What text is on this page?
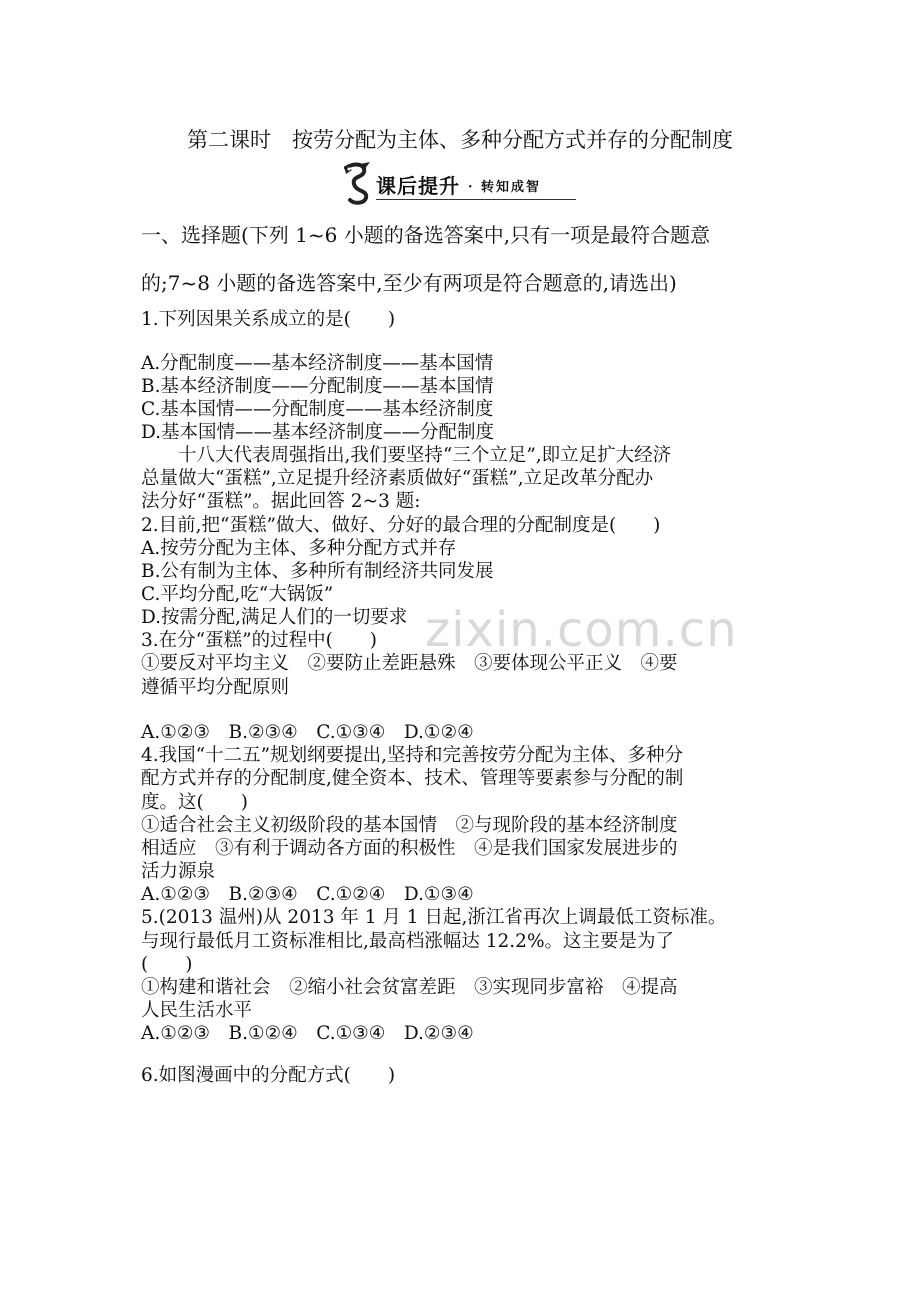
第二课时　按劳分配为主体、多种分配方式并存的分配制度
课后提升 · 转知成智
zixin.com.cn
一、选择题(下列 1~6 小题的备选答案中,只有一项是最符合题意
的;7~8 小题的备选答案中,至少有两项是符合题意的,请选出)
1.下列因果关系成立的是(　　)
A.分配制度——基本经济制度——基本国情
B.基本经济制度——分配制度——基本国情
C.基本国情——分配制度——基本经济制度
D.基本国情——基本经济制度——分配制度
　　十八大代表周强指出,我们要坚持“三个立足”,即立足扩大经济
总量做大“蛋糕”,立足提升经济素质做好“蛋糕”,立足改革分配办
法分好“蛋糕”。据此回答 2~3 题:
2.目前,把“蛋糕”做大、做好、分好的最合理的分配制度是(　　)
A.按劳分配为主体、多种分配方式并存
B.公有制为主体、多种所有制经济共同发展
C.平均分配,吃“大锅饭”
D.按需分配,满足人们的一切要求
3.在分“蛋糕”的过程中(　　)
①要反对平均主义　②要防止差距悬殊　③要体现公平正义　④要
遵循平均分配原则
A.①②③　B.②③④　C.①③④　D.①②④
4.我国“十二五”规划纲要提出,坚持和完善按劳分配为主体、多种分
配方式并存的分配制度,健全资本、技术、管理等要素参与分配的制
度。这(　　)
①适合社会主义初级阶段的基本国情　②与现阶段的基本经济制度
相适应　③有利于调动各方面的积极性　④是我们国家发展进步的
活力源泉
A.①②③　B.②③④　C.①②④　D.①③④
5.(2013 温州)从 2013 年 1 月 1 日起,浙江省再次上调最低工资标准。
与现行最低月工资标准相比,最高档涨幅达 12.2%。这主要是为了
(　　)
①构建和谐社会　②缩小社会贫富差距　③实现同步富裕　④提高
人民生活水平
A.①②③　B.①②④　C.①③④　D.②③④
6.如图漫画中的分配方式(　　)
